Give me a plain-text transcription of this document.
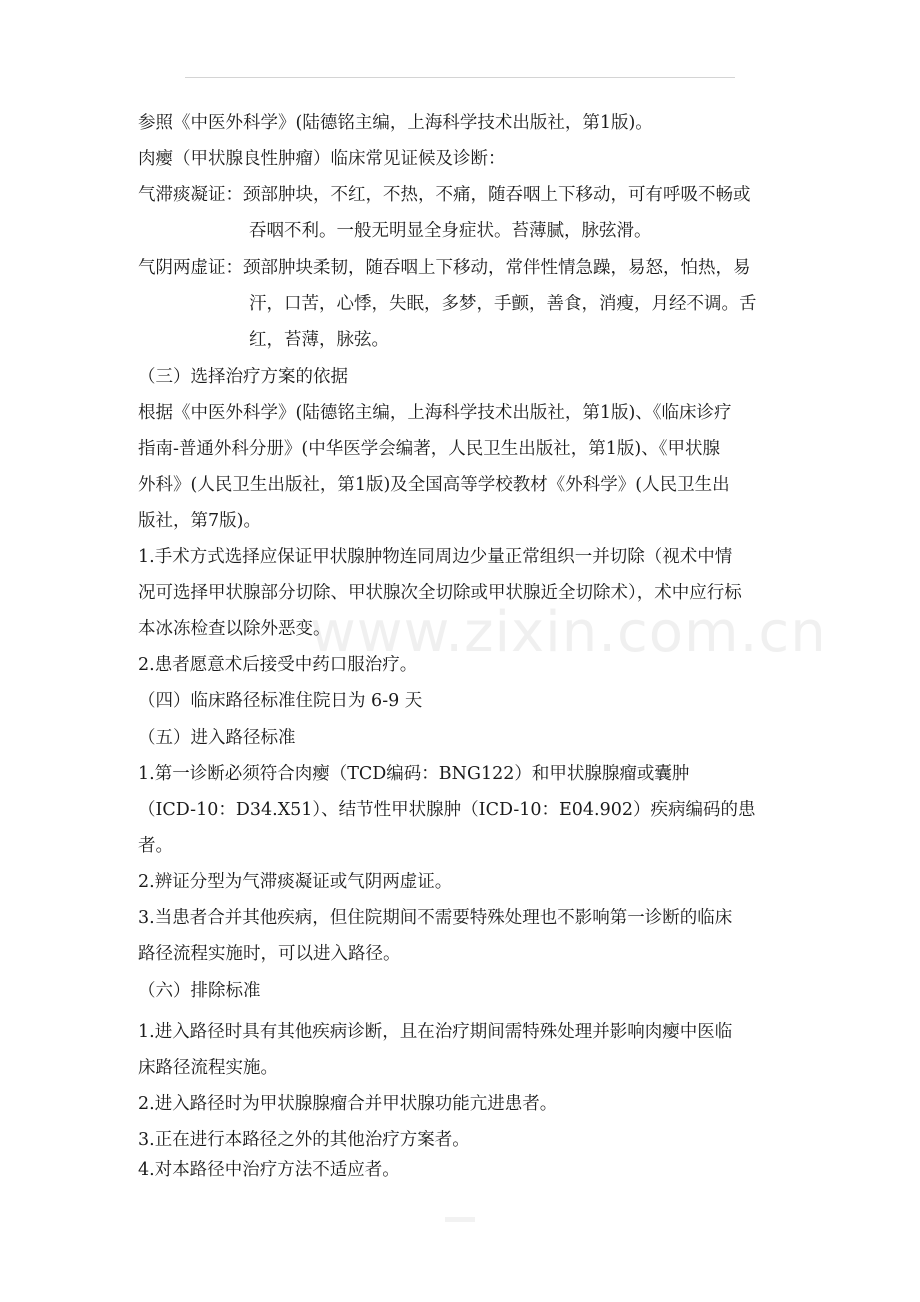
www.zixin.com.cn
参照《中医外科学》(陆德铭主编，上海科学技术出版社，第1版)。
肉瘿（甲状腺良性肿瘤）临床常见证候及诊断：
气滞痰凝证：颈部肿块，不红，不热，不痛，随吞咽上下移动，可有呼吸不畅或
吞咽不利。一般无明显全身症状。苔薄腻，脉弦滑。
气阴两虚证：颈部肿块柔韧，随吞咽上下移动，常伴性情急躁，易怒，怕热，易
汗，口苦，心悸，失眠，多梦，手颤，善食，消瘦，月经不调。舌
红，苔薄，脉弦。
（三）选择治疗方案的依据
根据《中医外科学》(陆德铭主编，上海科学技术出版社，第1版)、《临床诊疗
指南-普通外科分册》(中华医学会编著，人民卫生出版社，第1版)、《甲状腺
外科》(人民卫生出版社，第1版)及全国高等学校教材《外科学》(人民卫生出
版社，第7版)。
1.手术方式选择应保证甲状腺肿物连同周边少量正常组织一并切除（视术中情
况可选择甲状腺部分切除、甲状腺次全切除或甲状腺近全切除术），术中应行标
本冰冻检查以除外恶变。
2.患者愿意术后接受中药口服治疗。
（四）临床路径标准住院日为 6-9 天
（五）进入路径标准
1.第一诊断必须符合肉瘿（TCD编码：BNG122）和甲状腺腺瘤或囊肿
（ICD-10：D34.X51）、结节性甲状腺肿（ICD-10：E04.902）疾病编码的患
者。
2.辨证分型为气滞痰凝证或气阴两虚证。
3.当患者合并其他疾病，但住院期间不需要特殊处理也不影响第一诊断的临床
路径流程实施时，可以进入路径。
（六）排除标准
1.进入路径时具有其他疾病诊断，且在治疗期间需特殊处理并影响肉瘿中医临
床路径流程实施。
2.进入路径时为甲状腺腺瘤合并甲状腺功能亢进患者。
3.正在进行本路径之外的其他治疗方案者。
4.对本路径中治疗方法不适应者。
